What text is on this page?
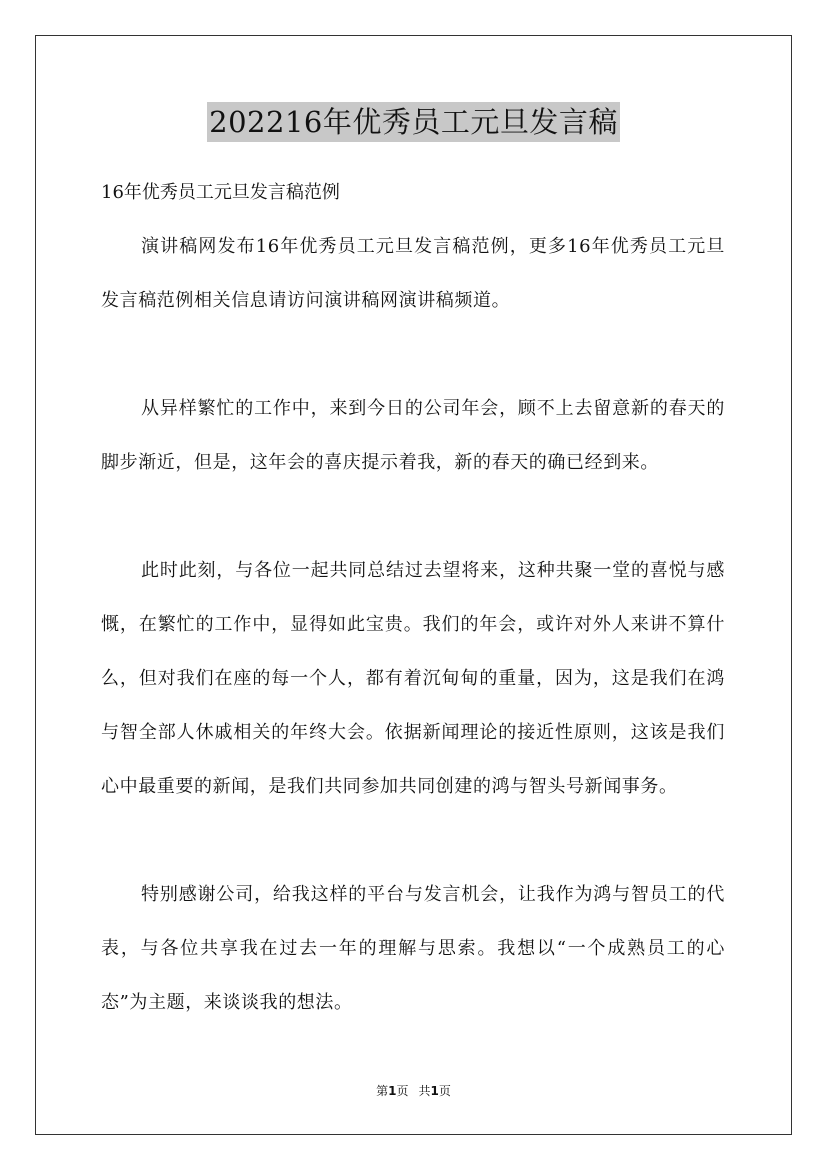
202216年优秀员工元旦发言稿
16年优秀员工元旦发言稿范例

演讲稿网发布16年优秀员工元旦发言稿范例，更多16年优秀员工元旦发言稿范例相关信息请访问演讲稿网演讲稿频道。

从异样繁忙的工作中，来到今日的公司年会，顾不上去留意新的春天的脚步渐近，但是，这年会的喜庆提示着我，新的春天的确已经到来。

此时此刻，与各位一起共同总结过去望将来，这种共聚一堂的喜悦与感慨，在繁忙的工作中，显得如此宝贵。我们的年会，或许对外人来讲不算什么，但对我们在座的每一个人，都有着沉甸甸的重量，因为，这是我们在鸿与智全部人休戚相关的年终大会。依据新闻理论的接近性原则，这该是我们心中最重要的新闻，是我们共同参加共同创建的鸿与智头号新闻事务。

特别感谢公司，给我这样的平台与发言机会，让我作为鸿与智员工的代表，与各位共享我在过去一年的理解与思索。我想以“一个成熟员工的心态”为主题，来谈谈我的想法。

第1页 共1页
